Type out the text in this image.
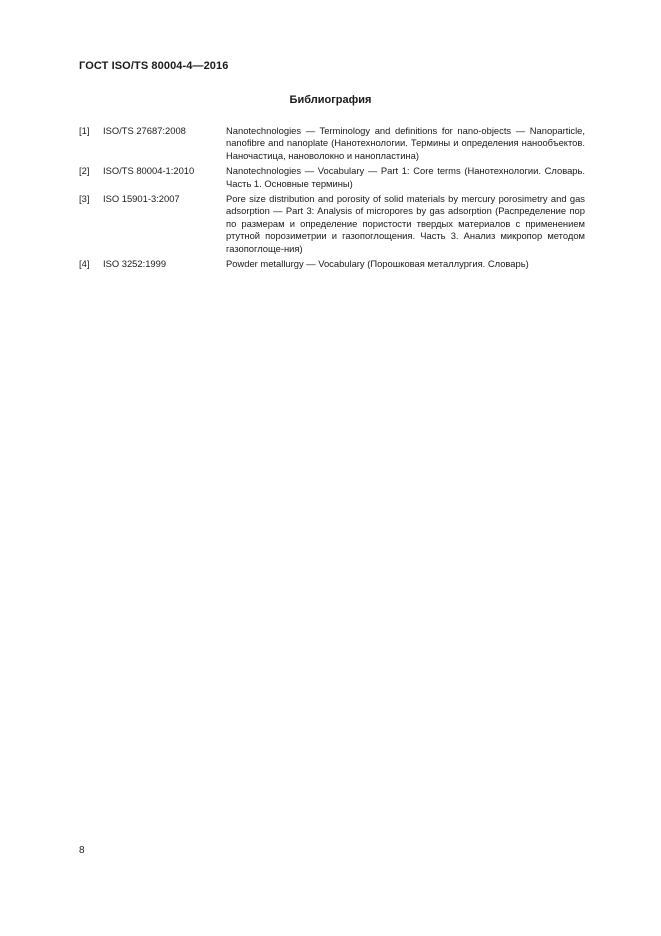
ГОСТ ISO/TS 80004-4—2016
Библиография
[1]	ISO/TS 27687:2008	Nanotechnologies — Terminology and definitions for nano-objects — Nanoparticle, nanofibre and nanoplate (Нанотехнологии. Термины и определения нанообъектов. Наночастица, нановолокно и нанопластина)
[2]	ISO/TS 80004-1:2010	Nanotechnologies — Vocabulary — Part 1: Core terms (Нанотехнологии. Словарь. Часть 1. Основные термины)
[3]	ISO 15901-3:2007	Pore size distribution and porosity of solid materials by mercury porosimetry and gas adsorption — Part 3: Analysis of micropores by gas adsorption (Распределение пор по размерам и определение пористости твердых материалов с применением ртутной порозиметрии и газопоглощения. Часть 3. Анализ микропор методом газопоглоще-ния)
[4]	ISO 3252:1999	Powder metallurgy — Vocabulary (Порошковая металлургия. Словарь)
8
